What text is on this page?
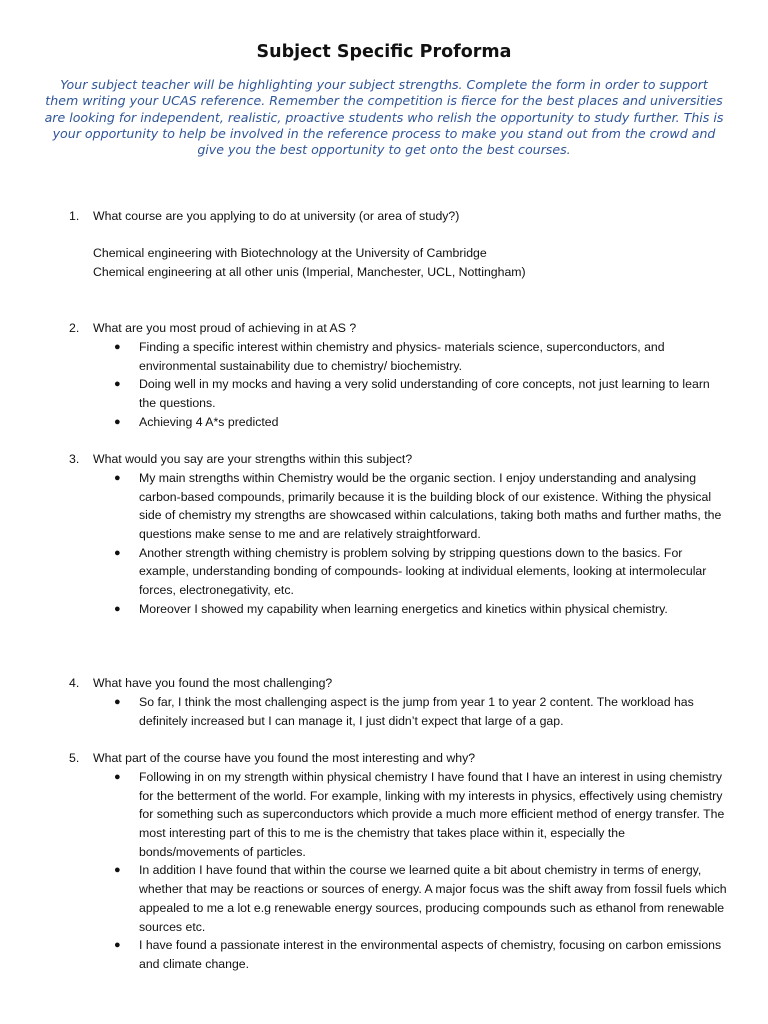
Subject Specific Proforma
Your subject teacher will be highlighting your subject strengths. Complete the form in order to support them writing your UCAS reference. Remember the competition is fierce for the best places and universities are looking for independent, realistic, proactive students who relish the opportunity to study further. This is your opportunity to help be involved in the reference process to make you stand out from the crowd and give you the best opportunity to get onto the best courses.
1. What course are you applying to do at university (or area of study?)
Chemical engineering with Biotechnology at the University of Cambridge
Chemical engineering at all other unis (Imperial, Manchester, UCL, Nottingham)
2. What are you most proud of achieving in at AS ?
● Finding a specific interest within chemistry and physics- materials science, superconductors, and environmental sustainability due to chemistry/ biochemistry.
● Doing well in my mocks and having a very solid understanding of core concepts, not just learning to learn the questions.
● Achieving 4 A*s predicted
3. What would you say are your strengths within this subject?
● My main strengths within Chemistry would be the organic section. I enjoy understanding and analysing carbon-based compounds, primarily because it is the building block of our existence. Withing the physical side of chemistry my strengths are showcased within calculations, taking both maths and further maths, the questions make sense to me and are relatively straightforward.
● Another strength withing chemistry is problem solving by stripping questions down to the basics. For example, understanding bonding of compounds- looking at individual elements, looking at intermolecular forces, electronegativity, etc.
● Moreover I showed my capability when learning energetics and kinetics within physical chemistry.
4. What have you found the most challenging?
● So far, I think the most challenging aspect is the jump from year 1 to year 2 content. The workload has definitely increased but I can manage it, I just didn’t expect that large of a gap.
5. What part of the course have you found the most interesting and why?
● Following in on my strength within physical chemistry I have found that I have an interest in using chemistry for the betterment of the world. For example, linking with my interests in physics, effectively using chemistry for something such as superconductors which provide a much more efficient method of energy transfer. The most interesting part of this to me is the chemistry that takes place within it, especially the bonds/movements of particles.
● In addition I have found that within the course we learned quite a bit about chemistry in terms of energy, whether that may be reactions or sources of energy. A major focus was the shift away from fossil fuels which appealed to me a lot e.g renewable energy sources, producing compounds such as ethanol from renewable sources etc.
● I have found a passionate interest in the environmental aspects of chemistry, focusing on carbon emissions and climate change.
